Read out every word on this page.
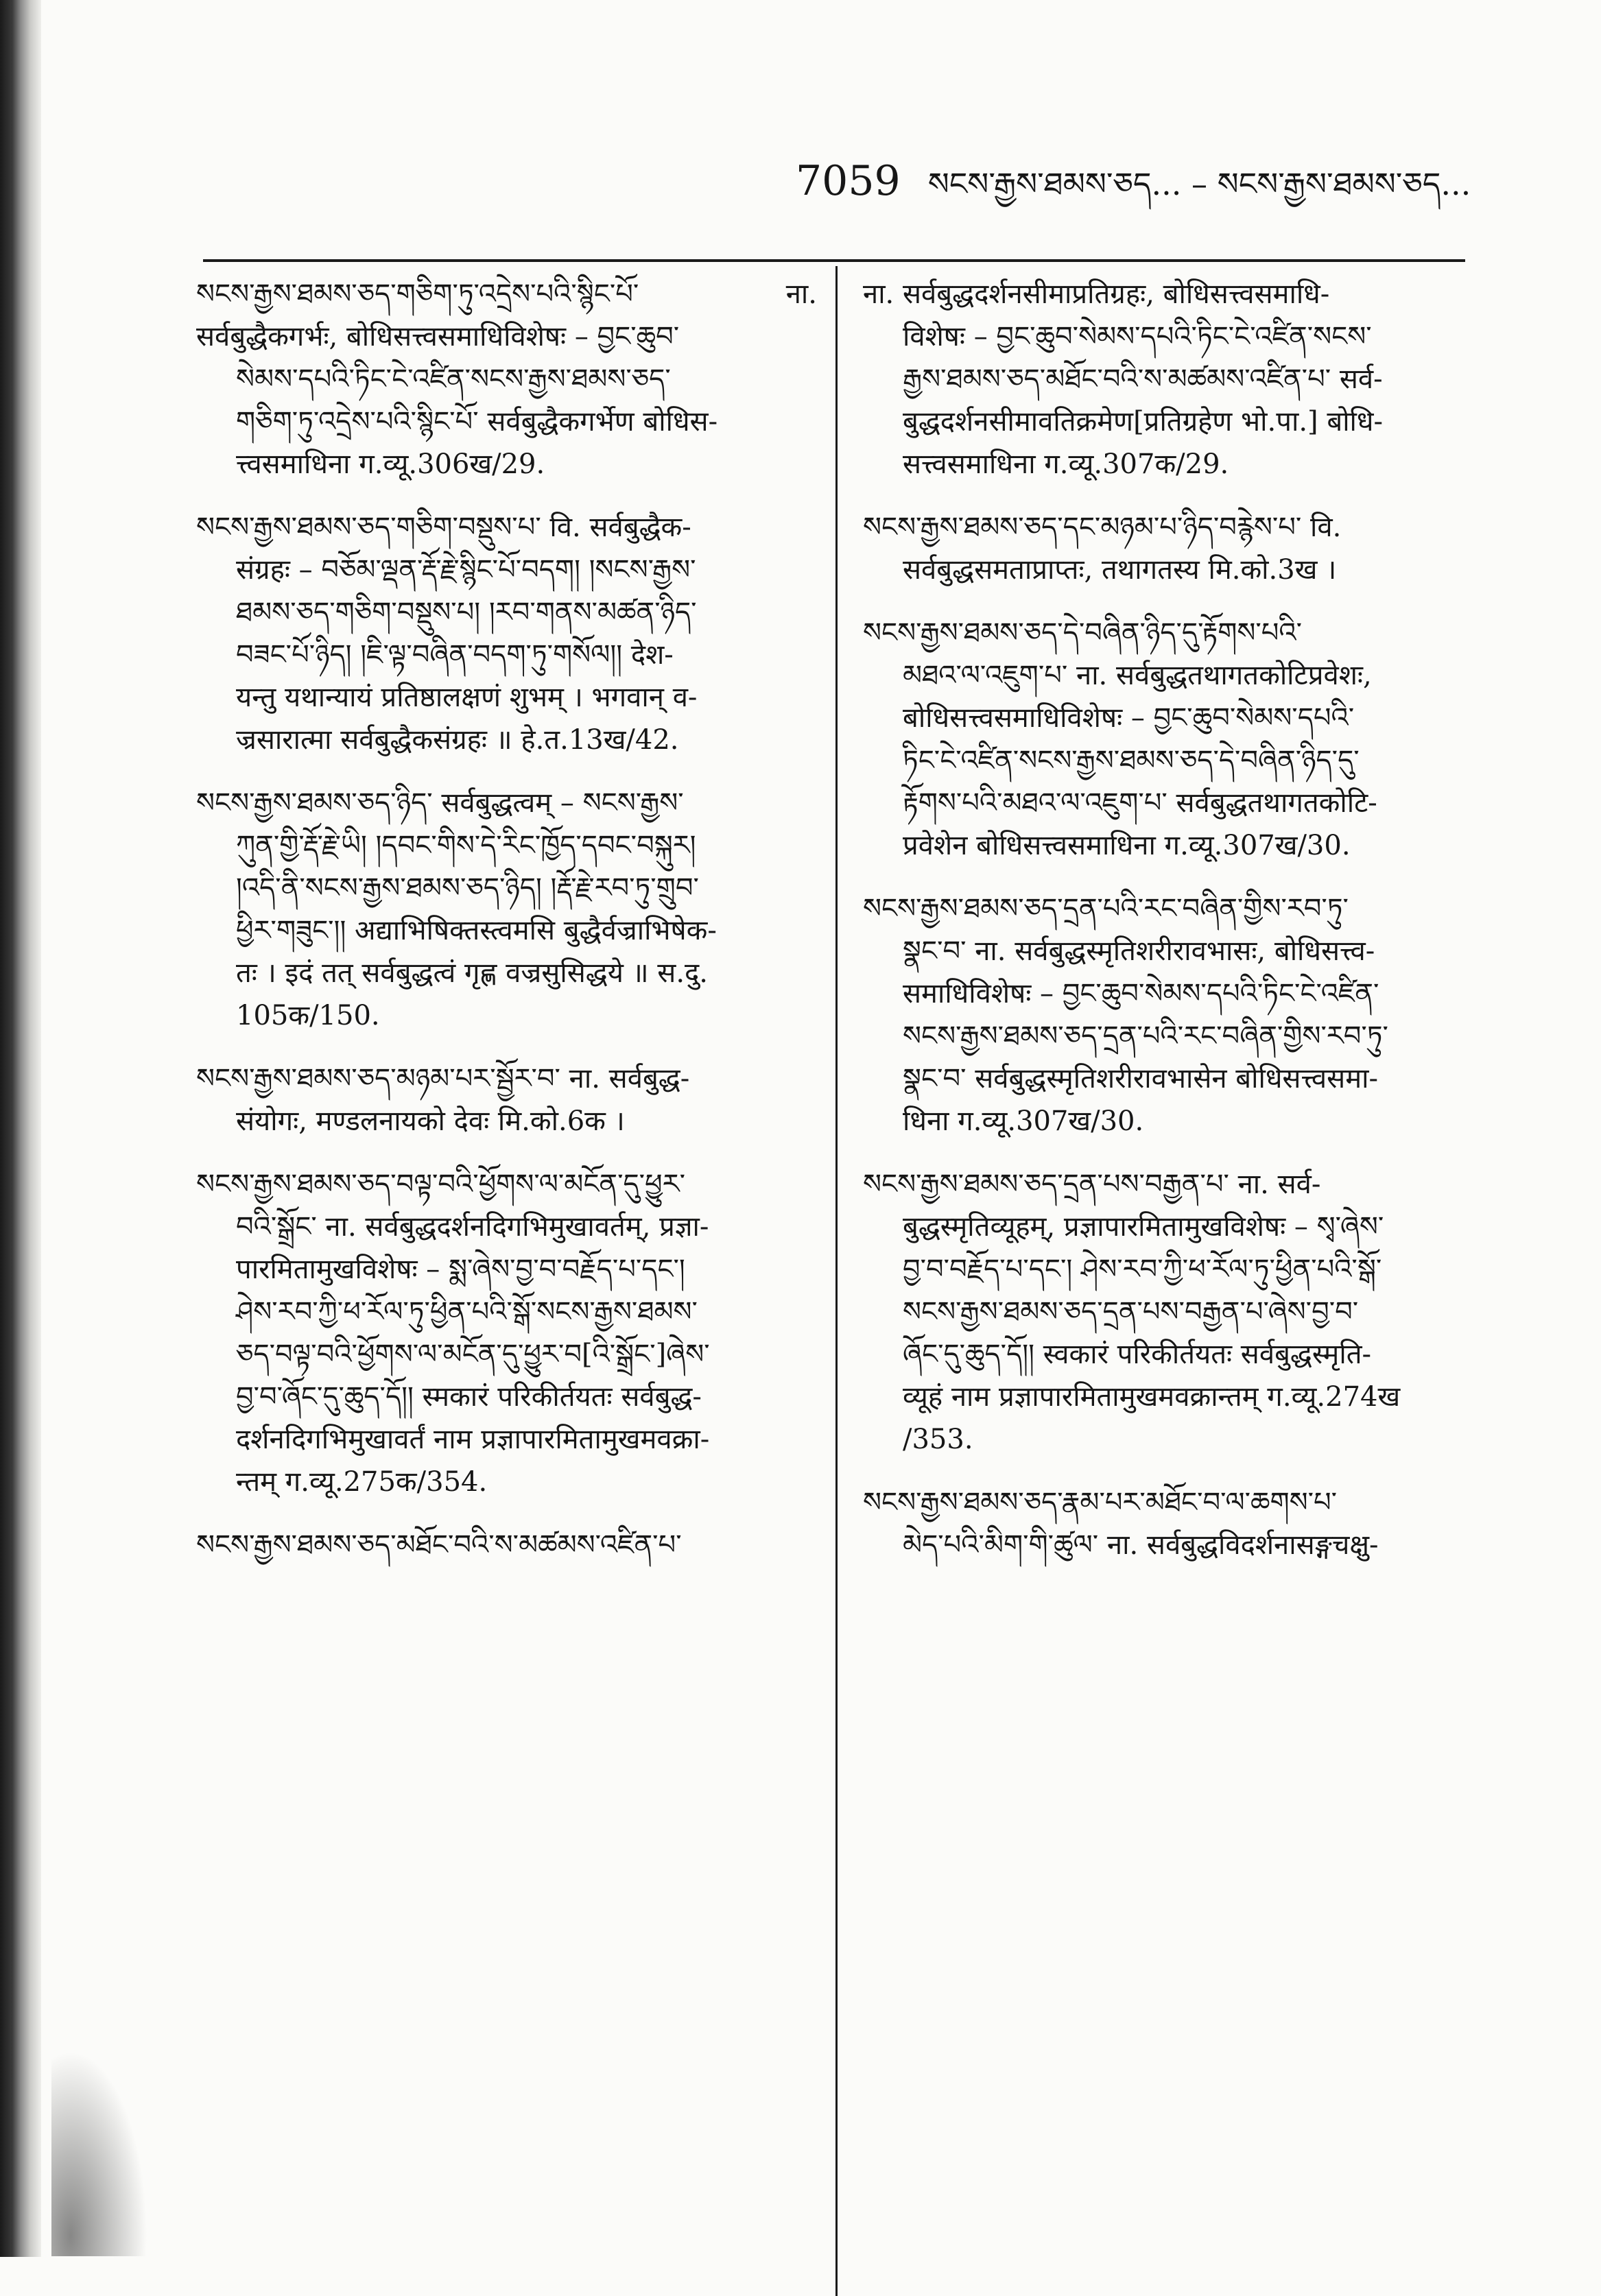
7059 སངས་རྒྱས་ཐམས་ཅད... – སངས་རྒྱས་ཐམས་ཅད...
སངས་རྒྱས་ཐམས་ཅད་གཅིག་ཏུ་འདྲེས་པའི་སྙིང་པོ་ ना. सर्वबुद्धैकगर्भः, बोधिसत्त्वसमाधिविशेषः – བྱང་ཆུབ་
སེམས་དཔའི་ཏིང་ངེ་འཛིན་སངས་རྒྱས་ཐམས་ཅད་
གཅིག་ཏུ་འདྲེས་པའི་སྙིང་པོ་ सर्वबुद्धैकगर्भेण बोधिस-
त्त्वसमाधिना ग.व्यू.306ख/29.
སངས་རྒྱས་ཐམས་ཅད་གཅིག་བསྡུས་པ་ वि. सर्वबुद्धैक-
संग्रहः – བཅོམ་ལྡན་རྡོ་རྗེ་སྙིང་པོ་བདག། །སངས་རྒྱས་
ཐམས་ཅད་གཅིག་བསྡུས་པ། །རབ་གནས་མཚན་ཉིད་
བཟང་པོ་ཉིད། །ཇི་ལྟ་བཞིན་བདག་ཏུ་གསོལ།། देश-
यन्तु यथान्यायं प्रतिष्ठालक्षणं शुभम् । भगवान् व-
ज्रसारात्मा सर्वबुद्धैकसंग्रहः ॥ हे.त.13ख/42.
སངས་རྒྱས་ཐམས་ཅད་ཉིད་ सर्वबुद्धत्वम् – སངས་རྒྱས་
ཀུན་གྱི་རྡོ་རྗེ་ཡི། །དབང་གིས་དེ་རིང་ཁྱོད་དབང་བསྐུར།
།འདི་ནི་སངས་རྒྱས་ཐམས་ཅད་ཉིད། །རྡོ་རྗེ་རབ་ཏུ་གྲུབ་
ཕྱིར་གཟུང་།། अद्याभिषिक्तस्त्वमसि बुद्धैर्वज्राभिषेक-
तः । इदं तत् सर्वबुद्धत्वं गृह्ण वज्रसुसिद्धये ॥ स.दु.
105क/150.
སངས་རྒྱས་ཐམས་ཅད་མཉམ་པར་སྦྱོར་བ་ ना. सर्वबुद्ध-
संयोगः, मण्डलनायको देवः मि.को.6क ।
སངས་རྒྱས་ཐམས་ཅད་བལྟ་བའི་ཕྱོགས་ལ་མངོན་དུ་ཕྱུར་
བའི་སྒྲོང་ ना. सर्वबुद्धदर्शनदिगभिमुखावर्तम्, प्रज्ञा-
पारमितामुखविशेषः – སྨ་ཞེས་བྱ་བ་བརྗོད་པ་དང་།
ཤེས་རབ་ཀྱི་ཕ་རོལ་ཏུ་ཕྱིན་པའི་སྒོ་སངས་རྒྱས་ཐམས་
ཅད་བལྟ་བའི་ཕྱོགས་ལ་མངོན་དུ་ཕྱུར་བ[འི་སྒྲོང་]ཞེས་
བྱ་བ་ཞོང་དུ་ཆུད་དོ།། स्मकारं परिकीर्तयतः सर्वबुद्ध-
दर्शनदिगभिमुखावर्तं नाम प्रज्ञापारमितामुखमवक्रा-
न्तम् ग.व्यू.275क/354.
སངས་རྒྱས་ཐམས་ཅད་མཐོང་བའི་ས་མཚམས་འཛིན་པ་
ना. सर्वबुद्धदर्शनसीमाप्रतिग्रहः, बोधिसत्त्वसमाधि-
विशेषः – བྱང་ཆུབ་སེམས་དཔའི་ཏིང་ངེ་འཛིན་སངས་
རྒྱས་ཐམས་ཅད་མཐོང་བའི་ས་མཚམས་འཛིན་པ་ सर्व-
बुद्धदर्शनसीमावतिक्रमेण[प्रतिग्रहेण भो.पा.] बोधि-
सत्त्वसमाधिना ग.व्यू.307क/29.
སངས་རྒྱས་ཐམས་ཅད་དང་མཉམ་པ་ཉིད་བརྙེས་པ་ वि.
सर्वबुद्धसमताप्राप्तः, तथागतस्य मि.को.3ख ।
སངས་རྒྱས་ཐམས་ཅད་དེ་བཞིན་ཉིད་དུ་རྟོགས་པའི་
མཐའ་ལ་འཇུག་པ་ ना. सर्वबुद्धतथागतकोटिप्रवेशः,
बोधिसत्त्वसमाधिविशेषः – བྱང་ཆུབ་སེམས་དཔའི་
ཏིང་ངེ་འཛིན་སངས་རྒྱས་ཐམས་ཅད་དེ་བཞིན་ཉིད་དུ་
རྟོགས་པའི་མཐའ་ལ་འཇུག་པ་ सर्वबुद्धतथागतकोटि-
प्रवेशेन बोधिसत्त्वसमाधिना ग.व्यू.307ख/30.
སངས་རྒྱས་ཐམས་ཅད་དྲན་པའི་རང་བཞིན་གྱིས་རབ་ཏུ་
སྣང་བ་ ना. सर्वबुद्धस्मृतिशरीरावभासः, बोधिसत्त्व-
समाधिविशेषः – བྱང་ཆུབ་སེམས་དཔའི་ཏིང་ངེ་འཛིན་
སངས་རྒྱས་ཐམས་ཅད་དྲན་པའི་རང་བཞིན་གྱིས་རབ་ཏུ་
སྣང་བ་ सर्वबुद्धस्मृतिशरीरावभासेन बोधिसत्त्वसमा-
धिना ग.व्यू.307ख/30.
སངས་རྒྱས་ཐམས་ཅད་དྲན་པས་བརྒྱན་པ་ ना. सर्व-
बुद्धस्मृतिव्यूहम्, प्रज्ञापारमितामुखविशेषः – སྭ་ཞེས་
བྱ་བ་བརྗོད་པ་དང་། ཤེས་རབ་ཀྱི་ཕ་རོལ་ཏུ་ཕྱིན་པའི་སྒོ་
སངས་རྒྱས་ཐམས་ཅད་དྲན་པས་བརྒྱན་པ་ཞེས་བྱ་བ་
ཞོང་དུ་ཆུད་དོ།། स्वकारं परिकीर्तयतः सर्वबुद्धस्मृति-
व्यूहं नाम प्रज्ञापारमितामुखमवक्रान्तम् ग.व्यू.274ख
/353.
སངས་རྒྱས་ཐམས་ཅད་རྣམ་པར་མཐོང་བ་ལ་ཆགས་པ་
མེད་པའི་མིག་གི་ཚུལ་ ना. सर्वबुद्धविदर्शनासङ्गचक्षु-
